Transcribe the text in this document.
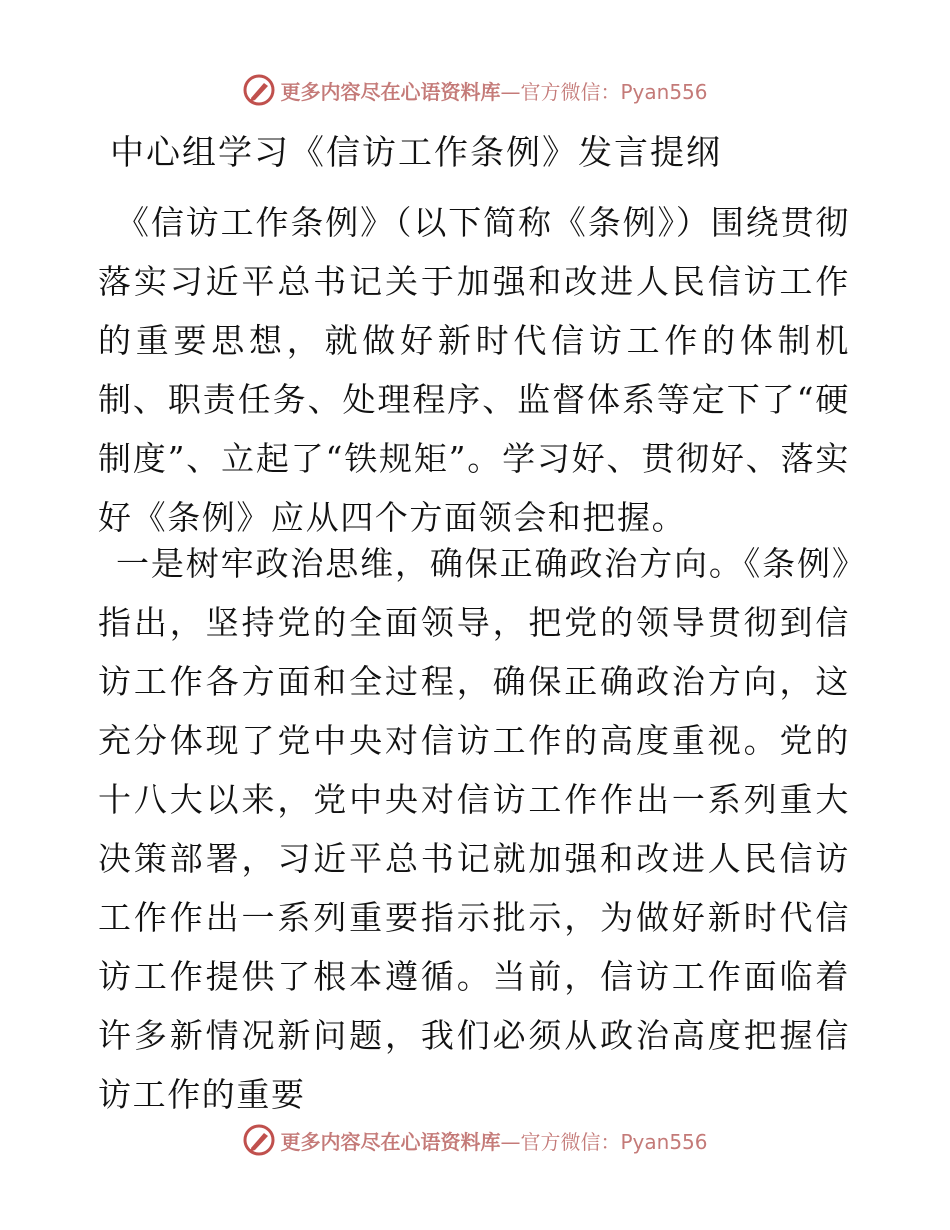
更多内容尽在心语资料库—官方微信：Pyan556
中心组学习《信访工作条例》发言提纲

《信访工作条例》（以下简称《条例》）围绕贯彻落实习近平总书记关于加强和改进人民信访工作的重要思想，就做好新时代信访工作的体制机制、职责任务、处理程序、监督体系等定下了“硬制度”、立起了“铁规矩”。学习好、贯彻好、落实好《条例》应从四个方面领会和把握。

一是树牢政治思维，确保正确政治方向。《条例》指出，坚持党的全面领导，把党的领导贯彻到信访工作各方面和全过程，确保正确政治方向，这充分体现了党中央对信访工作的高度重视。党的十八大以来，党中央对信访工作作出一系列重大决策部署，习近平总书记就加强和改进人民信访工作作出一系列重要指示批示，为做好新时代信访工作提供了根本遵循。当前，信访工作面临着许多新情况新问题，我们必须从政治高度把握信访工作的重要

更多内容尽在心语资料库—官方微信：Pyan556
